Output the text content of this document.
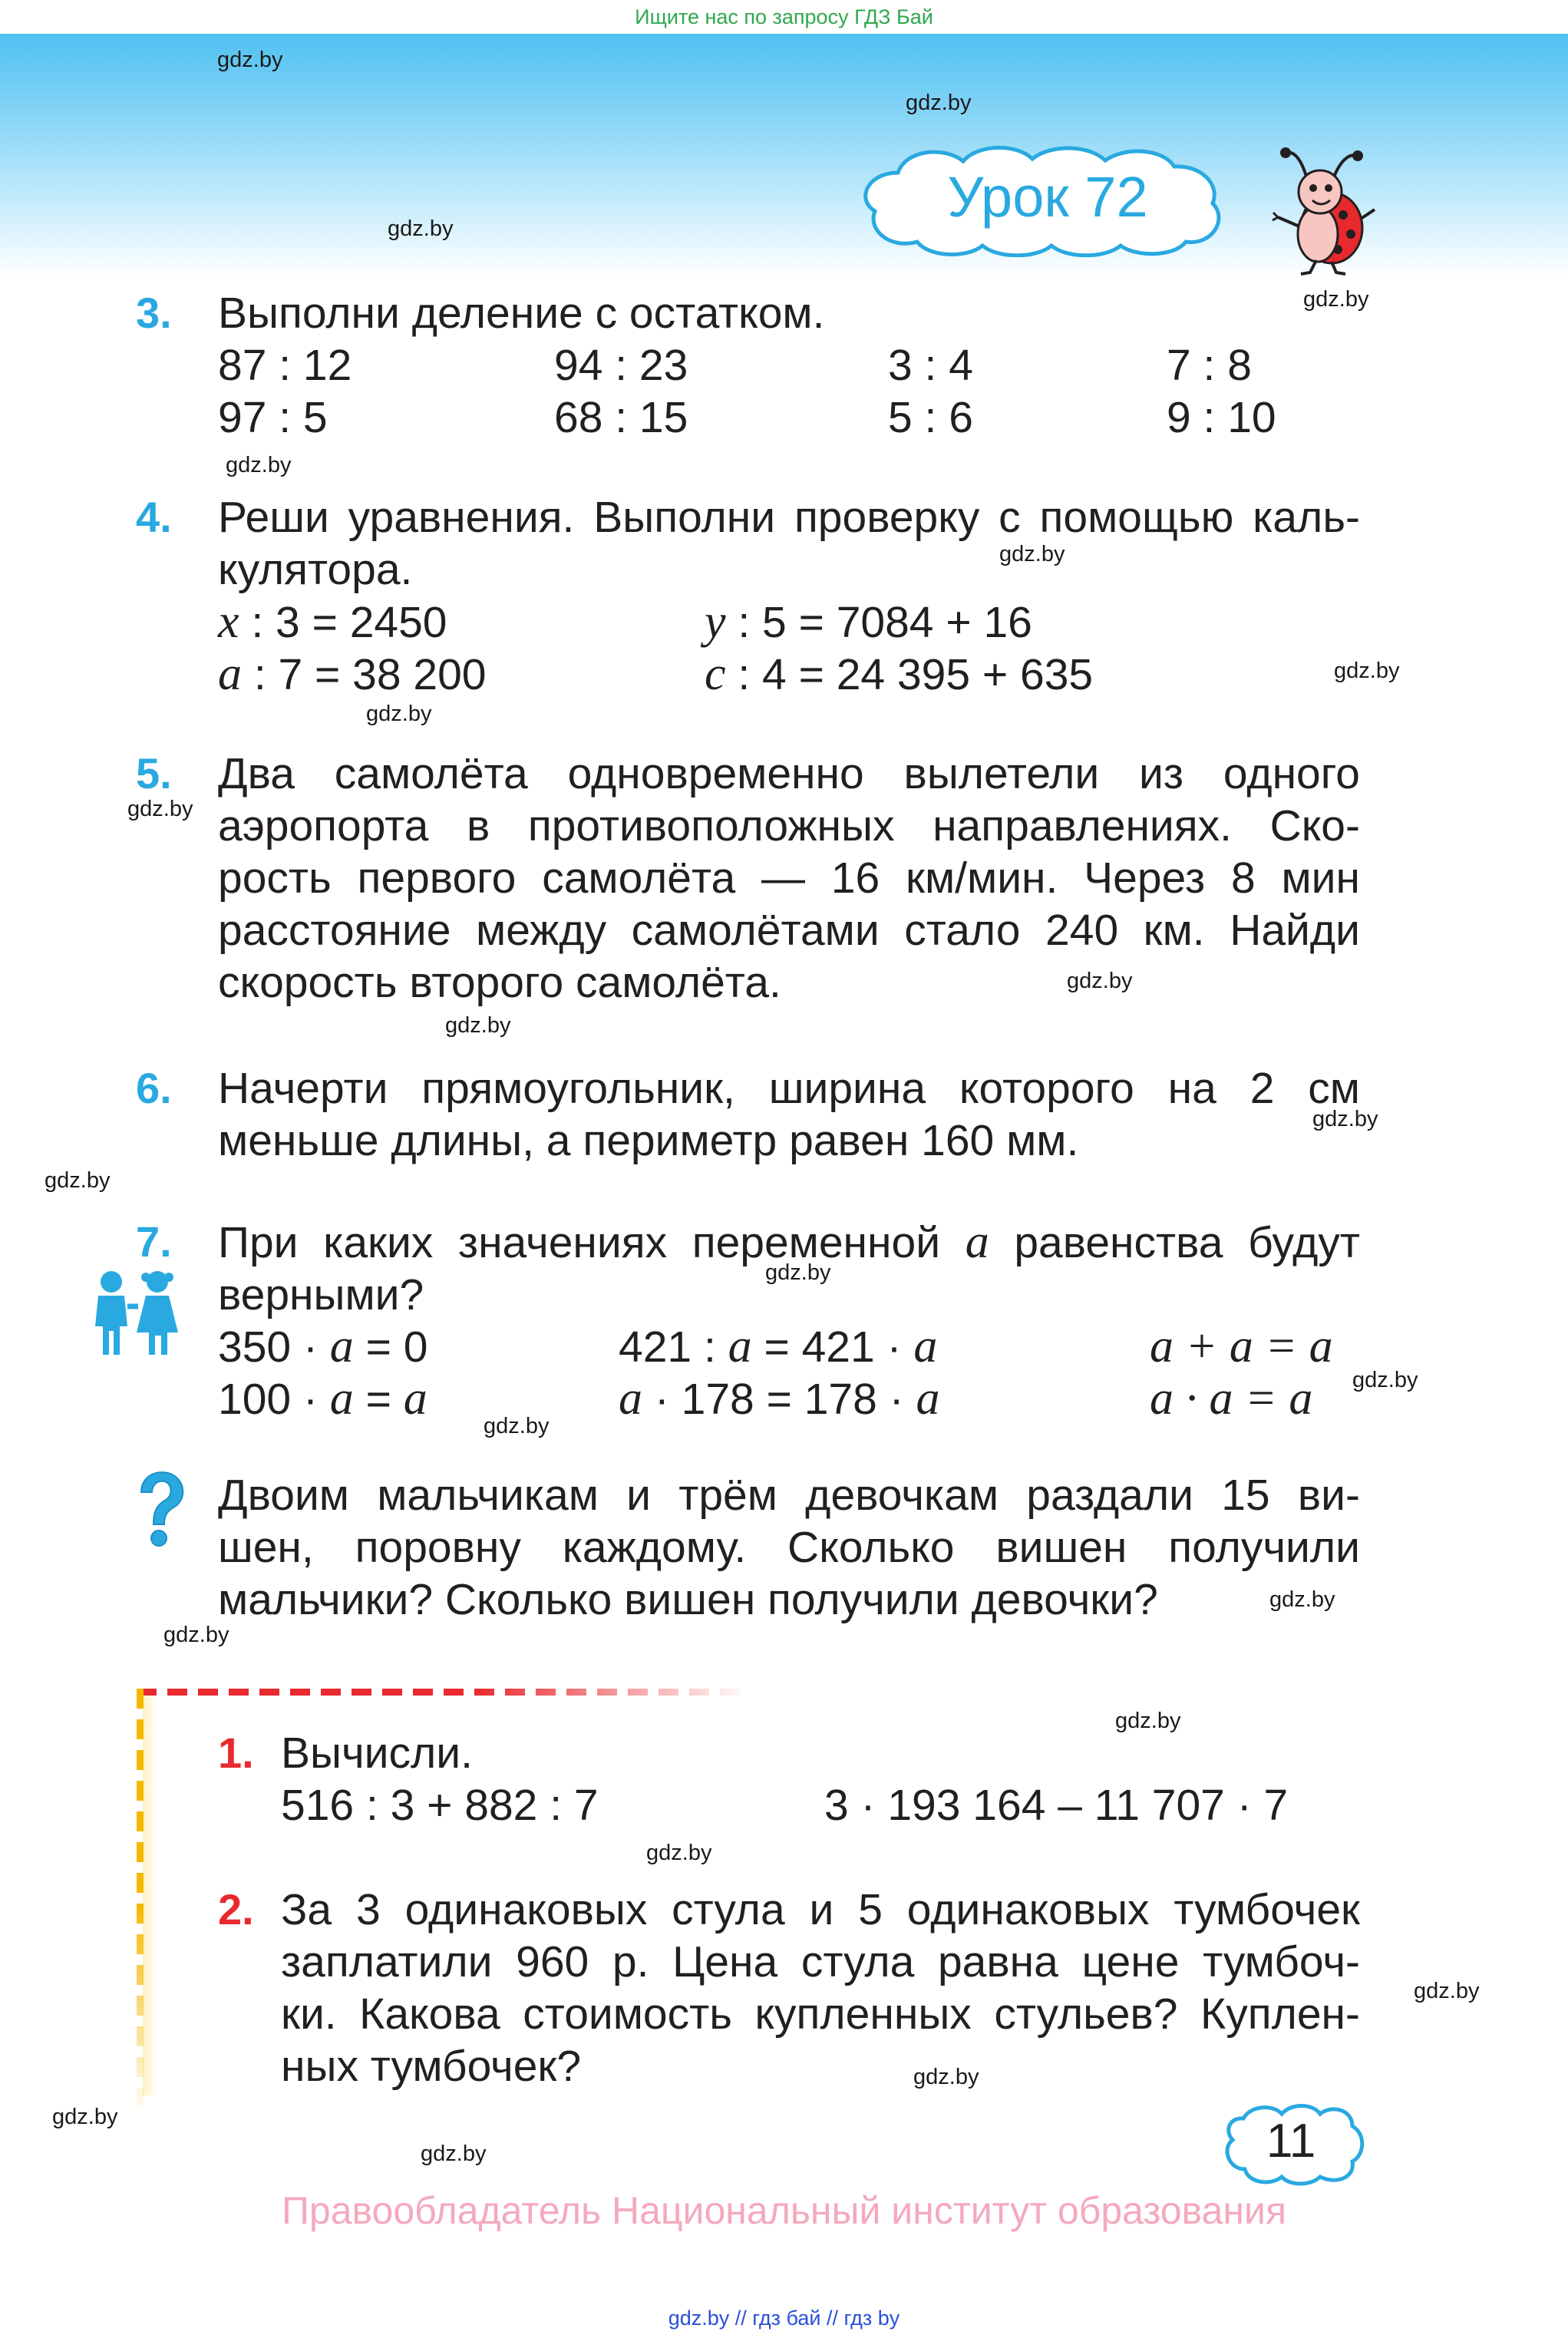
Ищите нас по запросу ГДЗ Бай
Урок 72
gdz.by
gdz.by
gdz.by
gdz.by
gdz.by
gdz.by
gdz.by
gdz.by
gdz.by
gdz.by
gdz.by
gdz.by
gdz.by
gdz.by
gdz.by
gdz.by
gdz.by
gdz.by
gdz.by
gdz.by
gdz.by
gdz.by
gdz.by
gdz.by
3. Выполни деление с остатком.
87 : 12	94 : 23	3 : 4	7 : 8
97 : 5	68 : 15	5 : 6	9 : 10
4. Реши уравнения. Выполни проверку с помощью каль-
кулятора.
x : 3 = 2450	y : 5 = 7084 + 16
a : 7 = 38 200	c : 4 = 24 395 + 635
5. Два самолёта одновременно вылетели из одного
аэропорта в противоположных направлениях. Ско-
рость первого самолёта — 16 км/мин. Через 8 мин
расстояние между самолётами стало 240 км. Найди
скорость второго самолёта.
6. Начерти прямоугольник, ширина которого на 2 см
меньше длины, а периметр равен 160 мм.
7. При каких значениях переменной a равенства будут
верными?
350 · a = 0	421 : a = 421 · a	a + a = a
100 · a = a	a · 178 = 178 · a	a · a = a
Двоим мальчикам и трём девочкам раздали 15 ви-
шен, поровну каждому. Сколько вишен получили
мальчики? Сколько вишен получили девочки?
1. Вычисли.
516 : 3 + 882 : 7	3 · 193 164 – 11 707 · 7
2. За 3 одинаковых стула и 5 одинаковых тумбочек
заплатили 960 р. Цена стула равна цене тумбоч-
ки. Какова стоимость купленных стульев? Куплен-
ных тумбочек?
11
Правообладатель Национальный институт образования
gdz.by // гдз бай // гдз by
